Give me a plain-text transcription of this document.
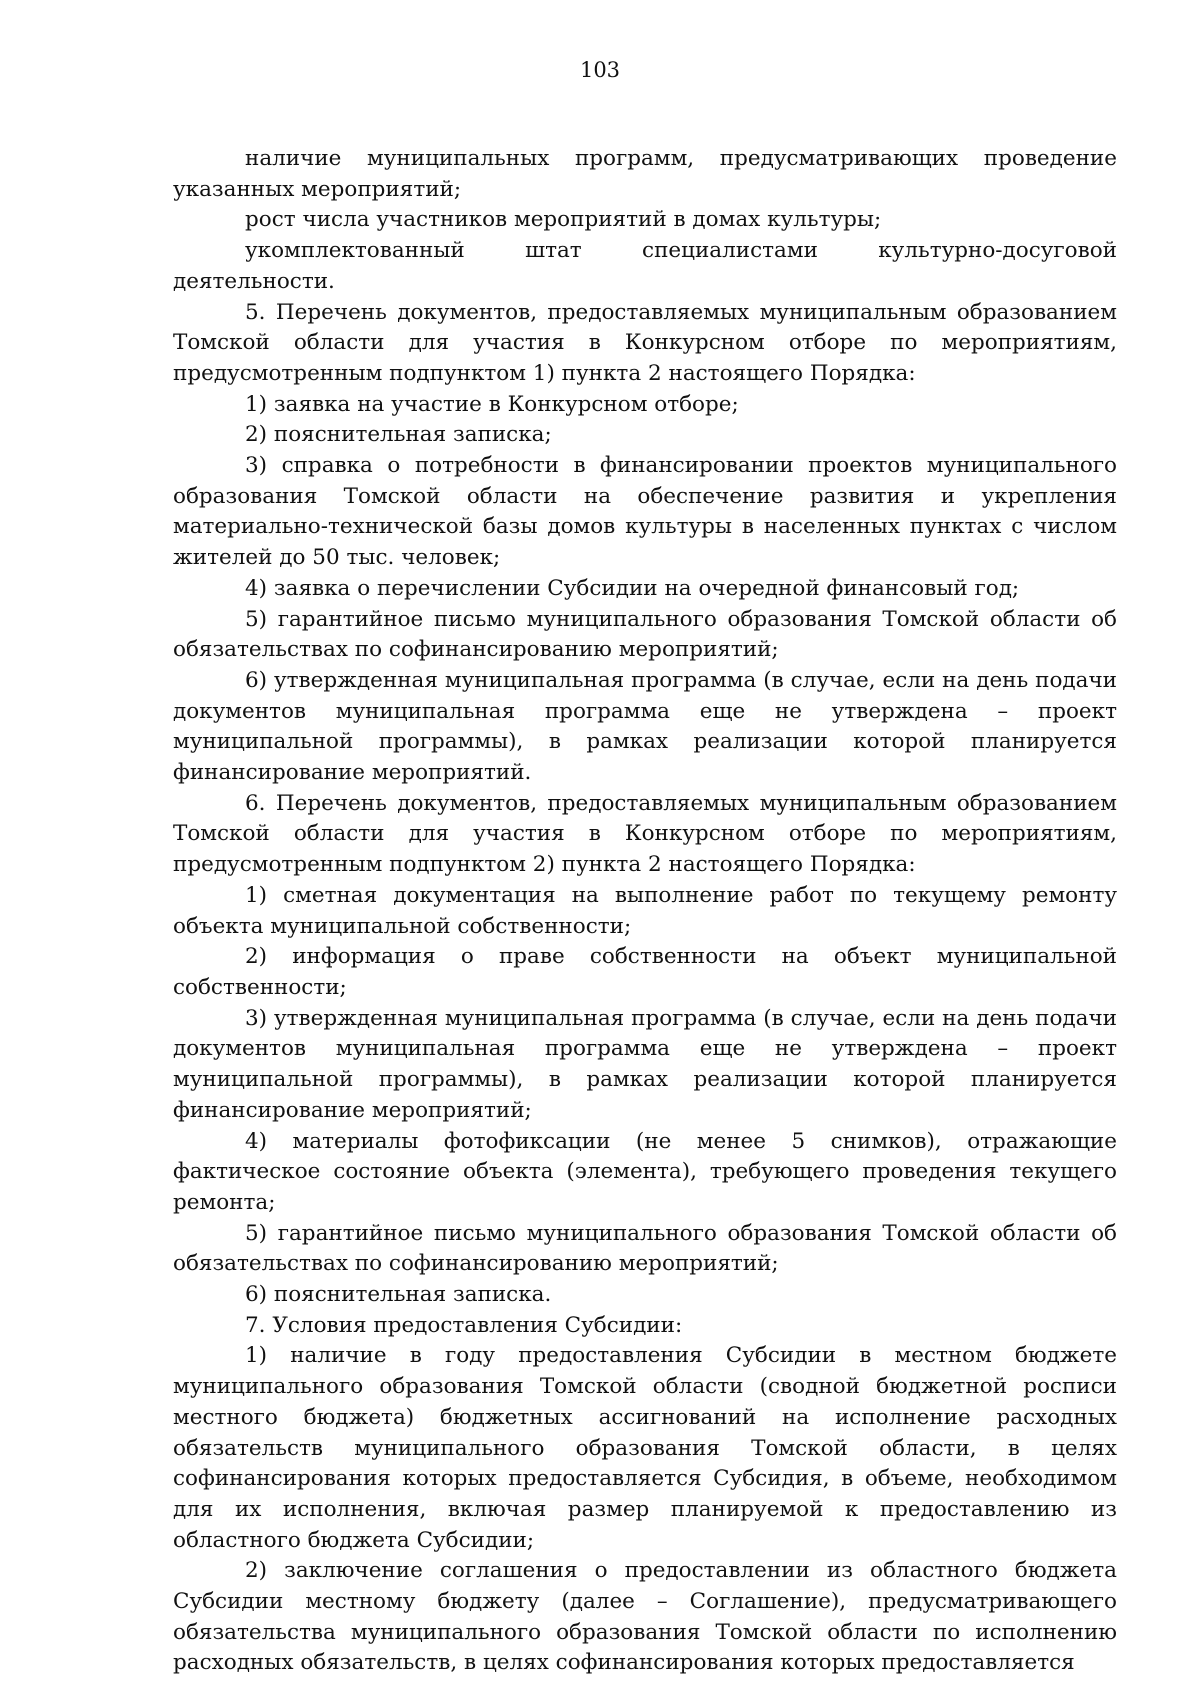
103

наличие муниципальных программ, предусматривающих проведение указанных мероприятий;

рост числа участников мероприятий в домах культуры;

укомплектованный штат специалистами культурно-досуговой деятельности.

5. Перечень документов, предоставляемых муниципальным образованием Томской области для участия в Конкурсном отборе по мероприятиям, предусмотренным подпунктом 1) пункта 2 настоящего Порядка:

1) заявка на участие в Конкурсном отборе;

2) пояснительная записка;

3) справка о потребности в финансировании проектов муниципального образования Томской области на обеспечение развития и укрепления материально-технической базы домов культуры в населенных пунктах с числом жителей до 50 тыс. человек;

4) заявка о перечислении Субсидии на очередной финансовый год;

5) гарантийное письмо муниципального образования Томской области об обязательствах по софинансированию мероприятий;

6) утвержденная муниципальная программа (в случае, если на день подачи документов муниципальная программа еще не утверждена – проект муниципальной программы), в рамках реализации которой планируется финансирование мероприятий.

6. Перечень документов, предоставляемых муниципальным образованием Томской области для участия в Конкурсном отборе по мероприятиям, предусмотренным подпунктом 2) пункта 2 настоящего Порядка:

1) сметная документация на выполнение работ по текущему ремонту объекта муниципальной собственности;

2) информация о праве собственности на объект муниципальной собственности;

3) утвержденная муниципальная программа (в случае, если на день подачи документов муниципальная программа еще не утверждена – проект муниципальной программы), в рамках реализации которой планируется финансирование мероприятий;

4) материалы фотофиксации (не менее 5 снимков), отражающие фактическое состояние объекта (элемента), требующего проведения текущего ремонта;

5) гарантийное письмо муниципального образования Томской области об обязательствах по софинансированию мероприятий;

6) пояснительная записка.

7. Условия предоставления Субсидии:

1) наличие в году предоставления Субсидии в местном бюджете муниципального образования Томской области (сводной бюджетной росписи местного бюджета) бюджетных ассигнований на исполнение расходных обязательств муниципального образования Томской области, в целях софинансирования которых предоставляется Субсидия, в объеме, необходимом для их исполнения, включая размер планируемой к предоставлению из областного бюджета Субсидии;

2) заключение соглашения о предоставлении из областного бюджета Субсидии местному бюджету (далее – Соглашение), предусматривающего обязательства муниципального образования Томской области по исполнению расходных обязательств, в целях софинансирования которых предоставляется
